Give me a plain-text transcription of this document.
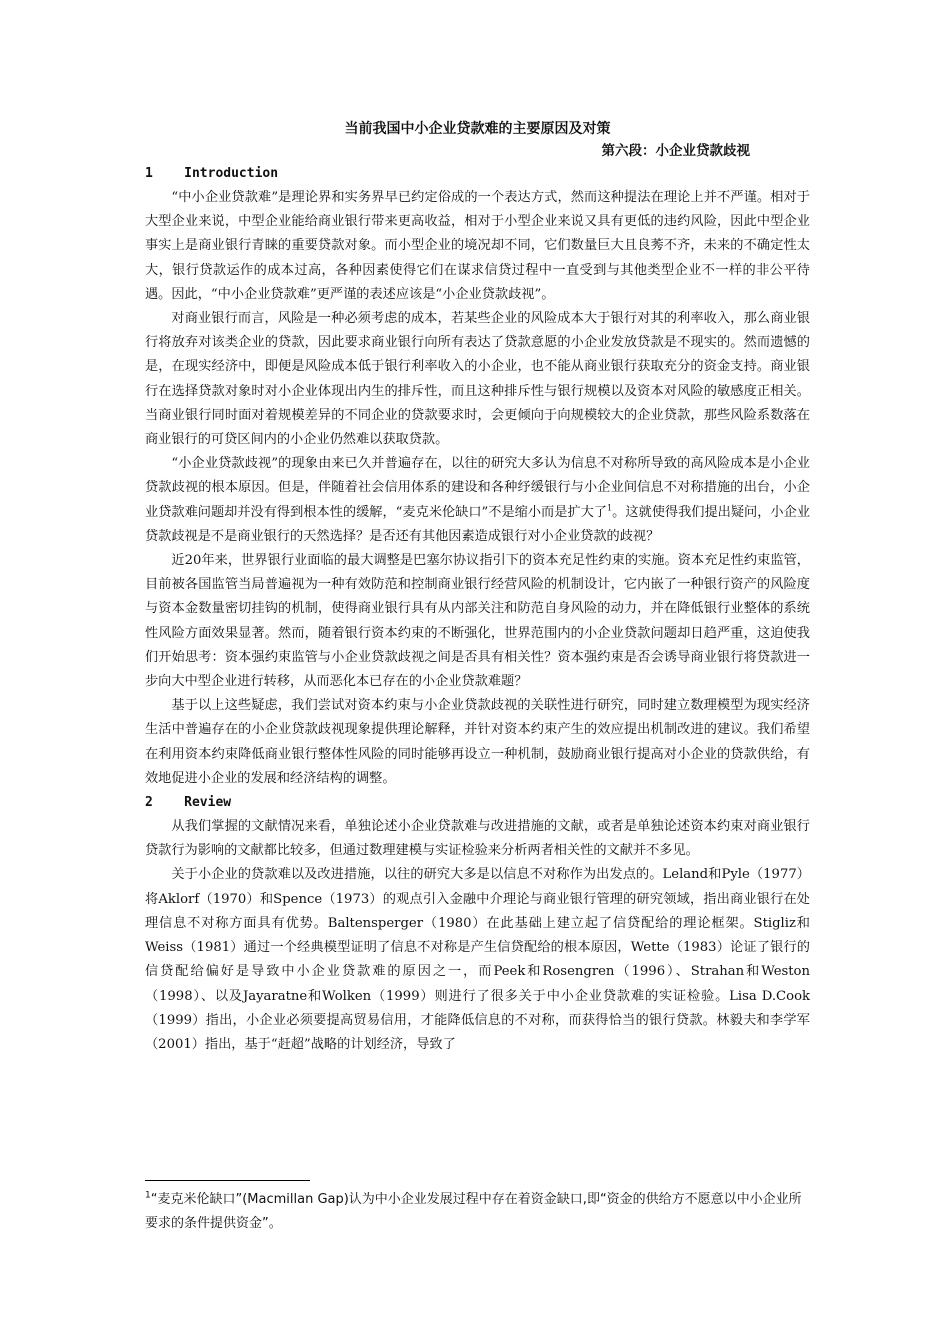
当前我国中小企业贷款难的主要原因及对策
第六段：小企业贷款歧视
1    Introduction

“中小企业贷款难”是理论界和实务界早已约定俗成的一个表达方式，然而这种提法在理论上并不严谨。相对于大型企业来说，中型企业能给商业银行带来更高收益，相对于小型企业来说又具有更低的违约风险，因此中型企业事实上是商业银行青睐的重要贷款对象。而小型企业的境况却不同，它们数量巨大且良莠不齐，未来的不确定性太大，银行贷款运作的成本过高，各种因素使得它们在谋求信贷过程中一直受到与其他类型企业不一样的非公平待遇。因此，“中小企业贷款难”更严谨的表述应该是“小企业贷款歧视”。

对商业银行而言，风险是一种必须考虑的成本，若某些企业的风险成本大于银行对其的利率收入，那么商业银行将放弃对该类企业的贷款，因此要求商业银行向所有表达了贷款意愿的小企业发放贷款是不现实的。然而遗憾的是，在现实经济中，即便是风险成本低于银行利率收入的小企业，也不能从商业银行获取充分的资金支持。商业银行在选择贷款对象时对小企业体现出内生的排斥性，而且这种排斥性与银行规模以及资本对风险的敏感度正相关。当商业银行同时面对着规模差异的不同企业的贷款要求时，会更倾向于向规模较大的企业贷款，那些风险系数落在商业银行的可贷区间内的小企业仍然难以获取贷款。

“小企业贷款歧视”的现象由来已久并普遍存在，以往的研究大多认为信息不对称所导致的高风险成本是小企业贷款歧视的根本原因。但是，伴随着社会信用体系的建设和各种纾缓银行与小企业间信息不对称措施的出台，小企业贷款难问题却并没有得到根本性的缓解，“麦克米伦缺口”不是缩小而是扩大了$^1$。这就使得我们提出疑问，小企业贷款歧视是不是商业银行的天然选择？是否还有其他因素造成银行对小企业贷款的歧视？

近20年来，世界银行业面临的最大调整是巴塞尔协议指引下的资本充足性约束的实施。资本充足性约束监管，目前被各国监管当局普遍视为一种有效防范和控制商业银行经营风险的机制设计，它内嵌了一种银行资产的风险度与资本金数量密切挂钩的机制，使得商业银行具有从内部关注和防范自身风险的动力，并在降低银行业整体的系统性风险方面效果显著。然而，随着银行资本约束的不断强化，世界范围内的小企业贷款问题却日趋严重，这迫使我们开始思考：资本强约束监管与小企业贷款歧视之间是否具有相关性？资本强约束是否会诱导商业银行将贷款进一步向大中型企业进行转移，从而恶化本已存在的小企业贷款难题？

基于以上这些疑虑，我们尝试对资本约束与小企业贷款歧视的关联性进行研究，同时建立数理模型为现实经济生活中普遍存在的小企业贷款歧视现象提供理论解释，并针对资本约束产生的效应提出机制改进的建议。我们希望在利用资本约束降低商业银行整体性风险的同时能够再设立一种机制，鼓励商业银行提高对小企业的贷款供给，有效地促进小企业的发展和经济结构的调整。

2    Review

从我们掌握的文献情况来看，单独论述小企业贷款难与改进措施的文献，或者是单独论述资本约束对商业银行贷款行为影响的文献都比较多，但通过数理建模与实证检验来分析两者相关性的文献并不多见。

关于小企业的贷款难以及改进措施，以往的研究大多是以信息不对称作为出发点的。Leland和Pyle（1977）将Aklorf（1970）和Spence（1973）的观点引入金融中介理论与商业银行管理的研究领域，指出商业银行在处理信息不对称方面具有优势。Baltensperger（1980）在此基础上建立起了信贷配给的理论框架。Stigliz和Weiss（1981）通过一个经典模型证明了信息不对称是产生信贷配给的根本原因，Wette（1983）论证了银行的信贷配给偏好是导致中小企业贷款难的原因之一，而Peek和Rosengren（1996）、Strahan和Weston（1998）、以及Jayaratne和Wolken（1999）则进行了很多关于中小企业贷款难的实证检验。Lisa D.Cook（1999）指出，小企业必须要提高贸易信用，才能降低信息的不对称，而获得恰当的银行贷款。林毅夫和李学军（2001）指出，基于“赶超”战略的计划经济，导致了

$^1$“麦克米伦缺口”(Macmillan Gap)认为中小企业发展过程中存在着资金缺口,即“资金的供给方不愿意以中小企业所要求的条件提供资金”。
